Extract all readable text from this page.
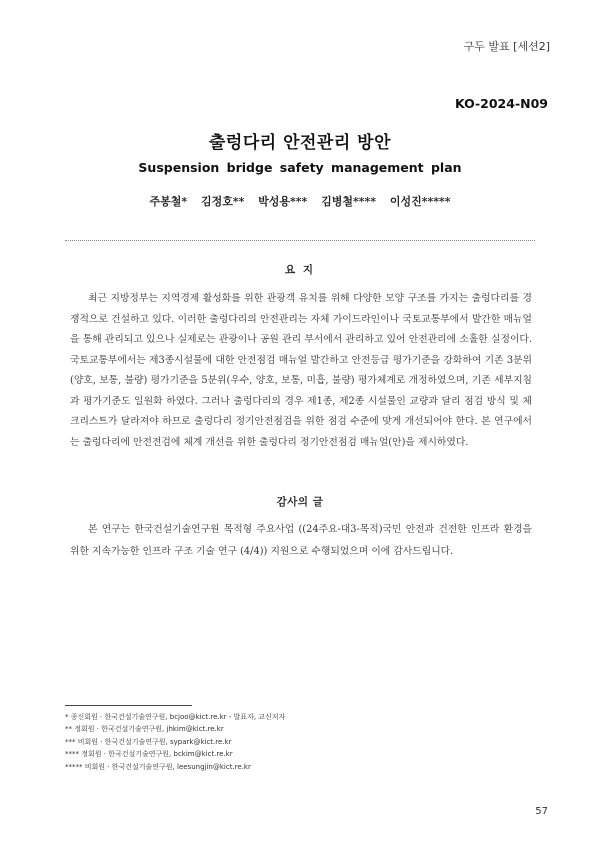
구두 발표 [세션2]
KO-2024-N09
출렁다리 안전관리 방안
Suspension bridge safety management plan
주봉철* 김정호** 박성용*** 김병철**** 이성진*****
요 지
최근 지방정부는 지역경제 활성화를 위한 관광객 유치를 위해 다양한 모양 구조를 가지는 출렁다리를 경쟁적으로 건설하고 있다. 이러한 출렁다리의 안전관리는 자체 가이드라인이나 국토교통부에서 발간한 매뉴얼을 통해 관리되고 있으나 실제로는 관광이나 공원 관리 부서에서 관리하고 있어 안전관리에 소홀한 실정이다. 국토교통부에서는 제3종시설물에 대한 안전점검 매뉴얼 발간하고 안전등급 평가기준을 강화하여 기존 3분위(양호, 보통, 불량) 평가기준을 5분위(우수, 양호, 보통, 미흡, 불량) 평가체계로 개정하였으며, 기존 세부지침과 평가기준도 일원화 하였다. 그러나 출렁다리의 경우 제1종, 제2종 시설물인 교량과 달리 점검 방식 및 체크리스트가 달라져야 하므로 출렁다리 정기안전점검을 위한 점검 수준에 맞게 개선되어야 한다. 본 연구에서는 출렁다리에 안전전검에 체계 개선을 위한 출렁다리 정기안전점검 매뉴얼(안)을 제시하였다.
감사의 글
본 연구는 한국건설기술연구원 목적형 주요사업 ((24주요-대3-목적)국민 안전과 건전한 인프라 환경을 위한 지속가능한 인프라 구조 기술 연구 (4/4)) 지원으로 수행되었으며 이에 감사드립니다.
* 종신회원 · 한국건설기술연구원, bcjoo@kict.re.kr - 발표자, 교신저자
** 정회원 · 한국건설기술연구원, jhkim@kict.re.kr
*** 비회원 · 한국건설기술연구원, sypark@kict.re.kr
**** 정회원 · 한국건설기술연구원, bckim@kict.re.kr
***** 비회원 · 한국건설기술연구원, leesungjin@kict.re.kr
57
